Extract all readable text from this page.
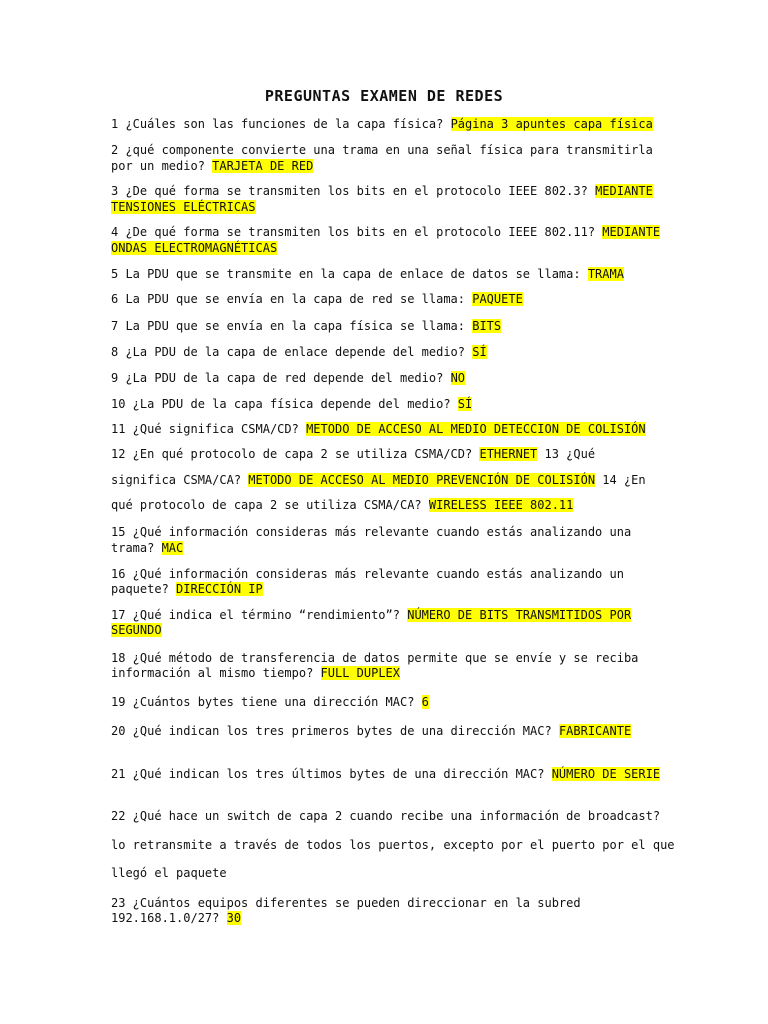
PREGUNTAS EXAMEN DE REDES
1 ¿Cuáles son las funciones de la capa física? Página 3 apuntes capa física
2 ¿qué componente convierte una trama en una señal física para transmitirla
por un medio? TARJETA DE RED
3 ¿De qué forma se transmiten los bits en el protocolo IEEE 802.3? MEDIANTE
TENSIONES ELÉCTRICAS
4 ¿De qué forma se transmiten los bits en el protocolo IEEE 802.11? MEDIANTE
ONDAS ELECTROMAGNÉTICAS
5 La PDU que se transmite en la capa de enlace de datos se llama: TRAMA
6 La PDU que se envía en la capa de red se llama: PAQUETE
7 La PDU que se envía en la capa física se llama: BITS
8 ¿La PDU de la capa de enlace depende del medio? SÍ
9 ¿La PDU de la capa de red depende del medio? NO
10 ¿La PDU de la capa física depende del medio? SÍ
11 ¿Qué significa CSMA/CD? METODO DE ACCESO AL MEDIO DETECCION DE COLISIÓN
12 ¿En qué protocolo de capa 2 se utiliza CSMA/CD? ETHERNET 13 ¿Qué
significa CSMA/CA? METODO DE ACCESO AL MEDIO PREVENCIÓN DE COLISIÓN 14 ¿En
qué protocolo de capa 2 se utiliza CSMA/CA? WIRELESS IEEE 802.11
15 ¿Qué información consideras más relevante cuando estás analizando una
trama? MAC
16 ¿Qué información consideras más relevante cuando estás analizando un
paquete? DIRECCIÓN IP
17 ¿Qué indica el término “rendimiento”? NÚMERO DE BITS TRANSMITIDOS POR
SEGUNDO
18 ¿Qué método de transferencia de datos permite que se envíe y se reciba
información al mismo tiempo? FULL DUPLEX
19 ¿Cuántos bytes tiene una dirección MAC? 6
20 ¿Qué indican los tres primeros bytes de una dirección MAC? FABRICANTE
21 ¿Qué indican los tres últimos bytes de una dirección MAC? NÚMERO DE SERIE
22 ¿Qué hace un switch de capa 2 cuando recibe una información de broadcast?
lo retransmite a través de todos los puertos, excepto por el puerto por el que
llegó el paquete
23 ¿Cuántos equipos diferentes se pueden direccionar en la subred
192.168.1.0/27? 30
